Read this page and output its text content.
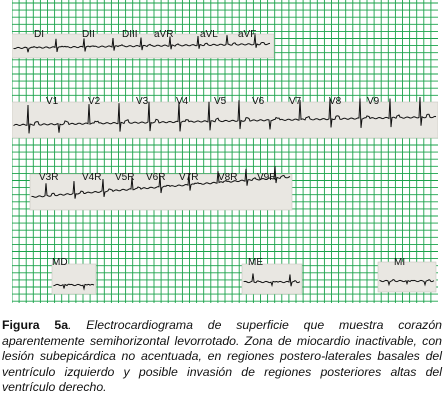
DI	DII	DIII aVR	aVL aVF
V1	V2	V3	V4	V5	V6 V7	V8	V9
V3R V4R V5R V6R V7R V8R V9R
MD	ME	MI
Figura 5a. Electrocardiograma de superficie que muestra corazón aparentemente semihorizontal levorrotado. Zona de miocardio inactivable, con lesión subepicárdica no acentuada, en regiones postero-laterales basales del ventrículo izquierdo y posible invasión de regiones posteriores altas del ventrículo derecho.
